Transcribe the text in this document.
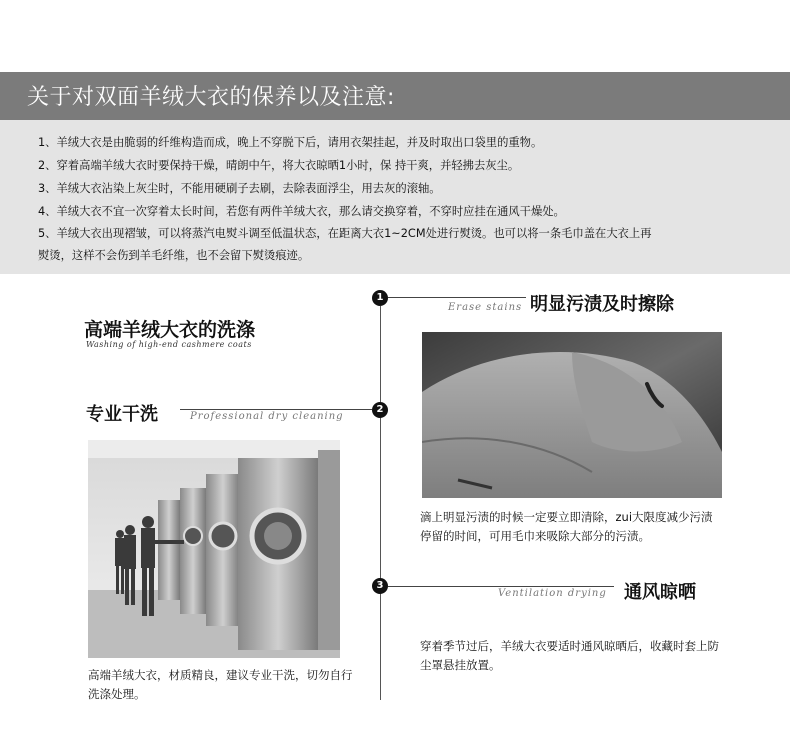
关于对双面羊绒大衣的保养以及注意:
1、羊绒大衣是由脆弱的纤维构造而成，晚上不穿脱下后，请用衣架挂起，并及时取出口袋里的重物。
2、穿着高端羊绒大衣时要保持干燥，晴朗中午，将大衣晾晒1小时，保 持干爽，并轻拂去灰尘。
3、羊绒大衣沾染上灰尘时，不能用硬刷子去刷，去除表面浮尘，用去灰的滚轴。
4、羊绒大衣不宜一次穿着太长时间，若您有两件羊绒大衣，那么请交换穿着，不穿时应挂在通风干燥处。
5、羊绒大衣出现褶皱，可以将蒸汽电熨斗调至低温状态，在距离大衣1~2CM处进行熨烫。也可以将一条毛巾盖在大衣上再
熨烫，这样不会伤到羊毛纤维，也不会留下熨烫痕迹。
高端羊绒大衣的洗涤
Washing of high-end cashmere coats
1
Erase stains 明显污渍及时擦除
滴上明显污渍的时候一定要立即清除，zui大限度减少污渍停留的时间，可用毛巾来吸除大部分的污渍。
2
专业干洗	Professional dry cleaning
高端羊绒大衣，材质精良，建议专业干洗，切勿自行洗涤处理。
3
Ventilation drying 通风晾晒
穿着季节过后，羊绒大衣要适时通风晾晒后，收藏时套上防尘罩悬挂放置。
